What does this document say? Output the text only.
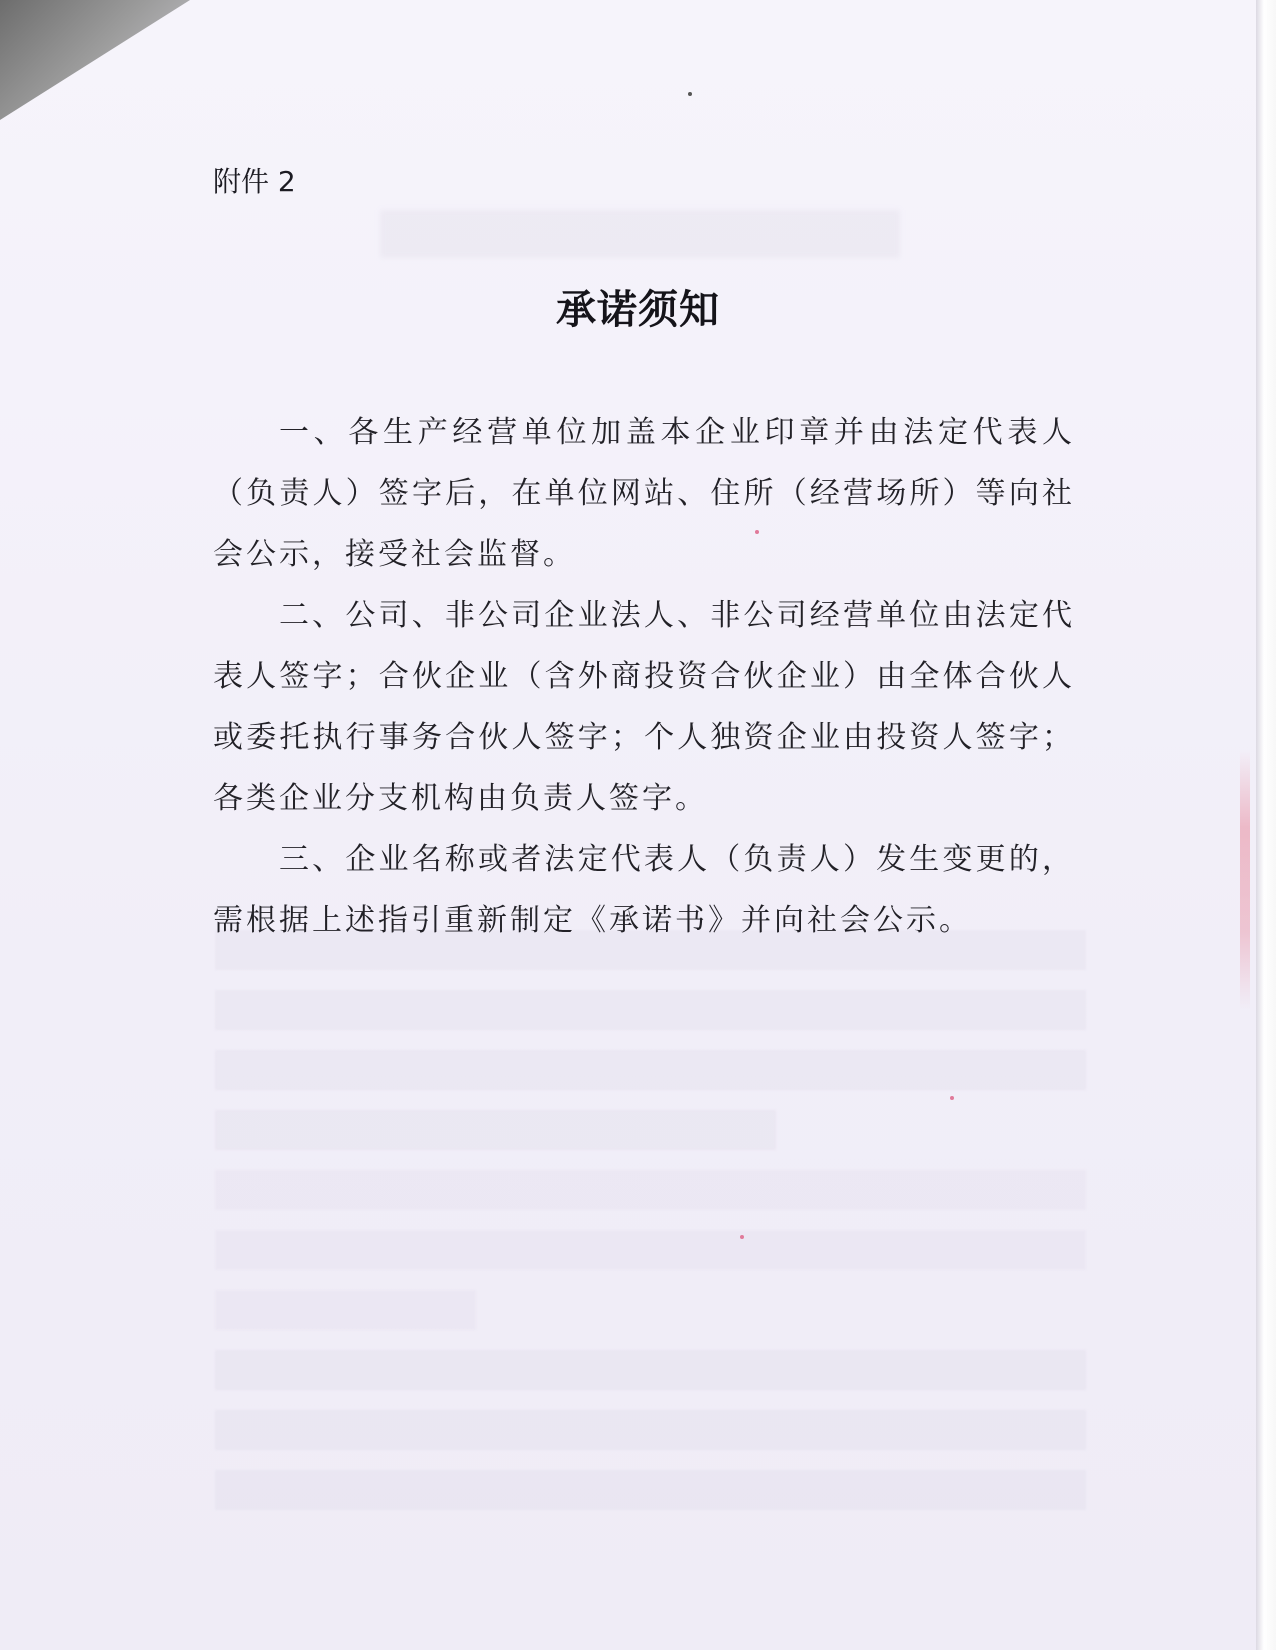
附件 2

承诺须知

一、各生产经营单位加盖本企业印章并由法定代表人（负责人）签字后，在单位网站、住所（经营场所）等向社会公示，接受社会监督。

二、公司、非公司企业法人、非公司经营单位由法定代表人签字；合伙企业（含外商投资合伙企业）由全体合伙人或委托执行事务合伙人签字；个人独资企业由投资人签字；各类企业分支机构由负责人签字。

三、企业名称或者法定代表人（负责人）发生变更的，需根据上述指引重新制定《承诺书》并向社会公示。
